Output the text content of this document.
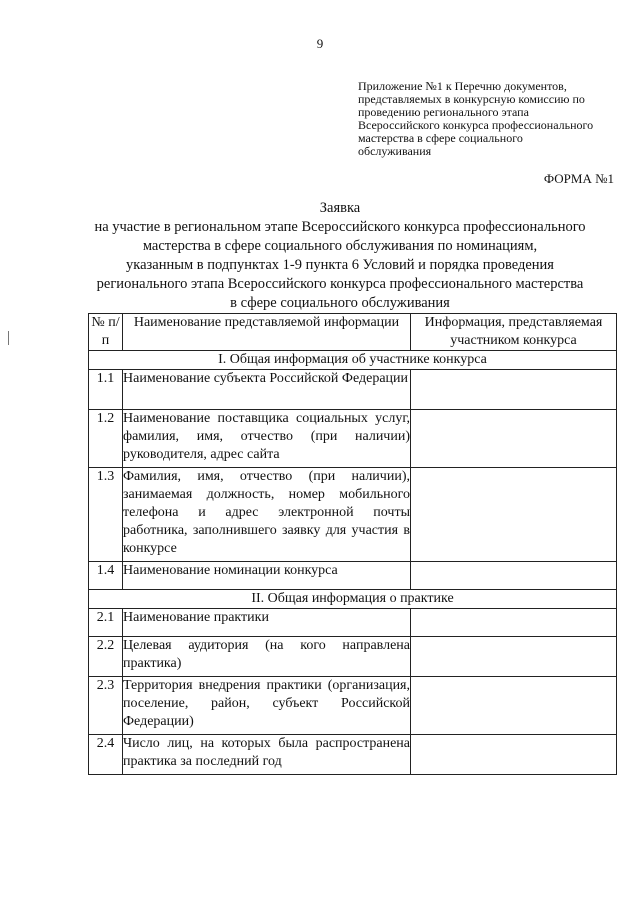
9
Приложение №1 к Перечню документов,
представляемых в конкурсную комиссию по
проведению регионального этапа
Всероссийского конкурса профессионального
мастерства в сфере социального
обслуживания
ФОРМА №1
Заявка
на участие в региональном этапе Всероссийского конкурса профессионального
мастерства в сфере социального обслуживания по номинациям,
указанным в подпунктах 1-9 пункта 6 Условий и порядка проведения
регионального этапа Всероссийского конкурса профессионального мастерства
в сфере социального обслуживания
№ п/п	Наименование представляемой информации	Информация, представляемая участником конкурса
I. Общая информация об участнике конкурса		
1.1	Наименование субъекта Российской Федерации	
1.2	Наименование поставщика социальных услуг, фамилия, имя, отчество (при наличии) руководителя, адрес сайта	
1.3	Фамилия, имя, отчество (при наличии), занимаемая должность, номер мобильного телефона и адрес электронной почты работника, заполнившего заявку для участия в конкурсе	
1.4	Наименование номинации конкурса	
II. Общая информация о практике		
2.1	Наименование практики	
2.2	Целевая аудитория (на кого направлена практика)	
2.3	Территория внедрения практики (организация, поселение, район, субъект Российской Федерации)	
2.4	Число лиц, на которых была распространена практика за последний год	
